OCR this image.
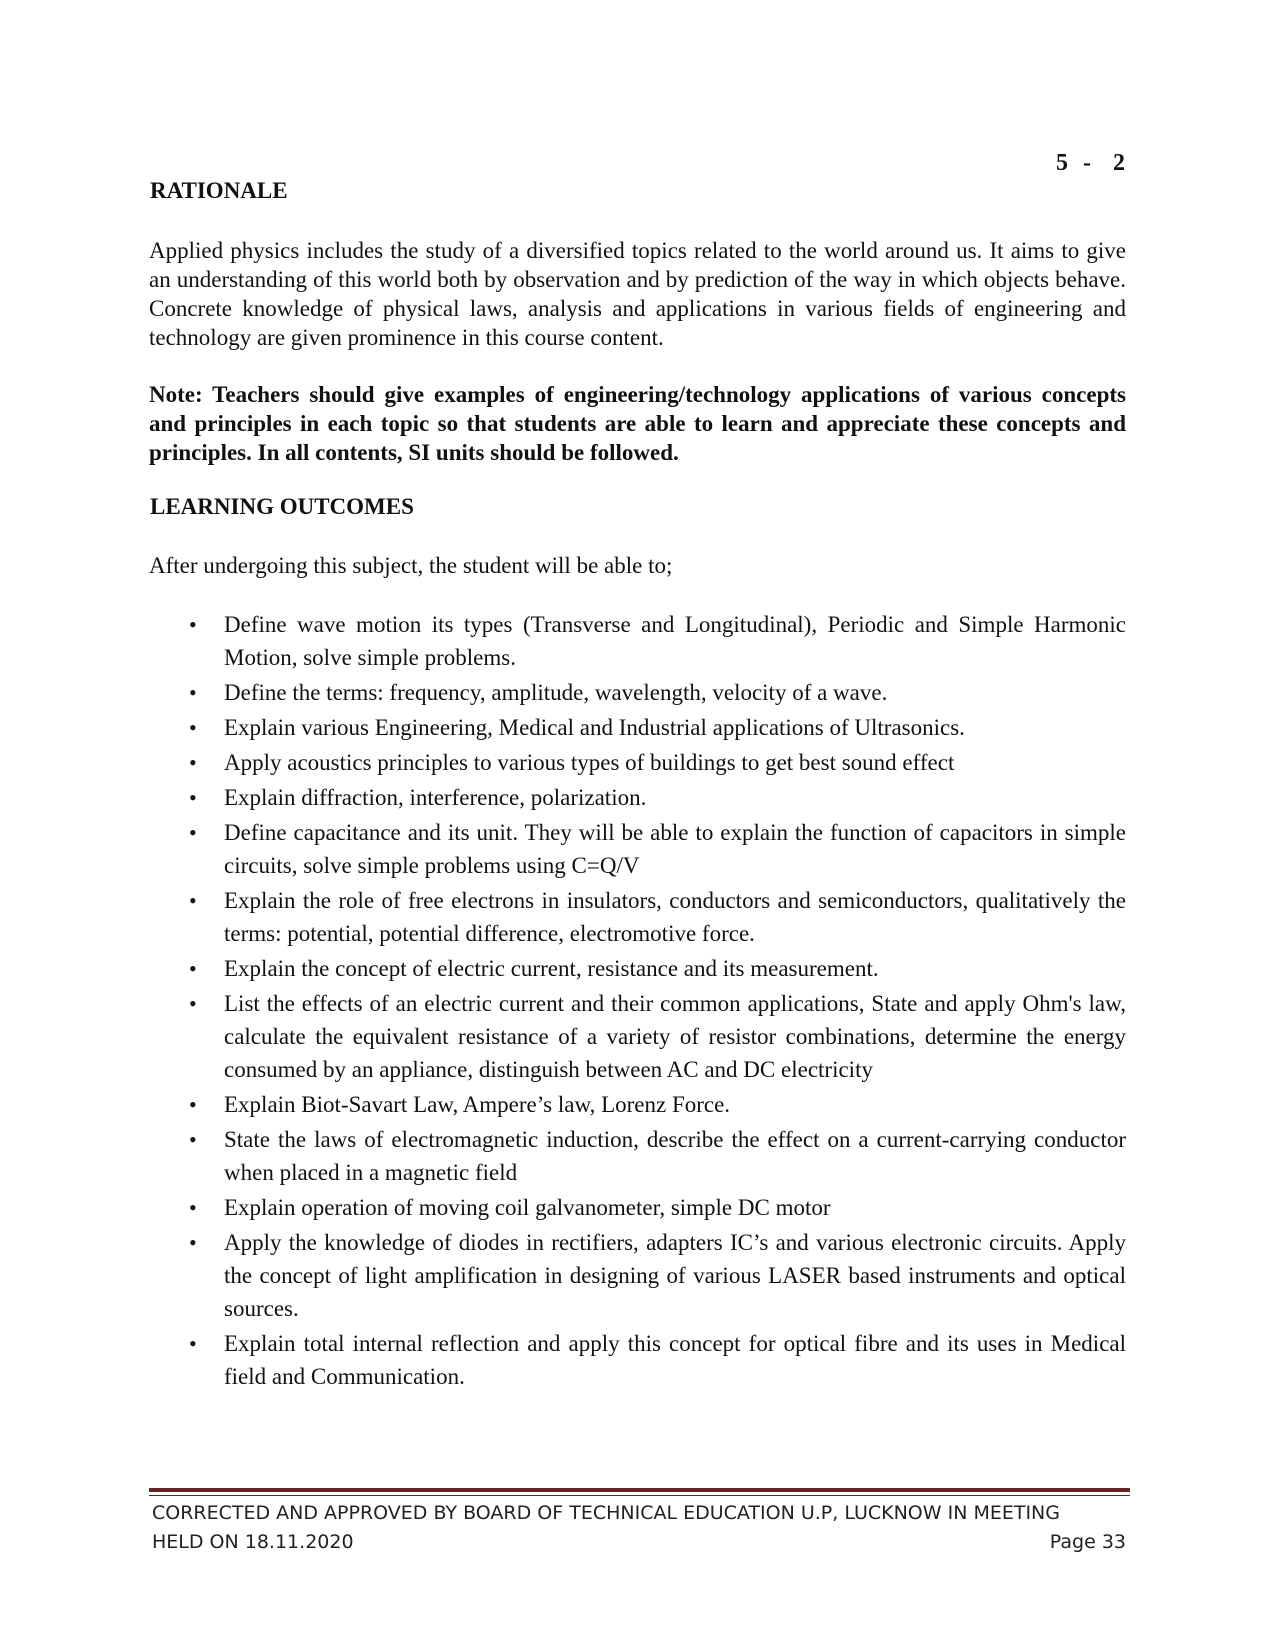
5  -   2
RATIONALE

Applied physics includes the study of a diversified topics related to the world around us. It aims to give an understanding of this world both by observation and by prediction of the way in which objects behave. Concrete knowledge of physical laws, analysis and applications in various fields of engineering and technology are given prominence in this course content.

Note: Teachers should give examples of engineering/technology applications of various concepts and principles in each topic so that students are able to learn and appreciate these concepts and principles. In all contents, SI units should be followed.

LEARNING OUTCOMES

After undergoing this subject, the student will be able to;

• Define wave motion its types (Transverse and Longitudinal), Periodic and Simple Harmonic Motion, solve simple problems.
• Define the terms: frequency, amplitude, wavelength, velocity of a wave.
• Explain various Engineering, Medical and Industrial applications of Ultrasonics.
• Apply acoustics principles to various types of buildings to get best sound effect
• Explain diffraction, interference, polarization.
• Define capacitance and its unit. They will be able to explain the function of capacitors in simple circuits, solve simple problems using C=Q/V
• Explain the role of free electrons in insulators, conductors and semiconductors, qualitatively the terms: potential, potential difference, electromotive force.
• Explain the concept of electric current, resistance and its measurement.
• List the effects of an electric current and their common applications, State and apply Ohm's law, calculate the equivalent resistance of a variety of resistor combinations, determine the energy consumed by an appliance, distinguish between AC and DC electricity
• Explain Biot-Savart Law, Ampere’s law, Lorenz Force.
• State the laws of electromagnetic induction, describe the effect on a current-carrying conductor when placed in a magnetic field
• Explain operation of moving coil galvanometer, simple DC motor
• Apply the knowledge of diodes in rectifiers, adapters IC’s and various electronic circuits. Apply the concept of light amplification in designing of various LASER based instruments and optical sources.
• Explain total internal reflection and apply this concept for optical fibre and its uses in Medical field and Communication.
CORRECTED AND APPROVED BY BOARD OF TECHNICAL EDUCATION U.P, LUCKNOW IN MEETING
HELD ON 18.11.2020	Page 33
